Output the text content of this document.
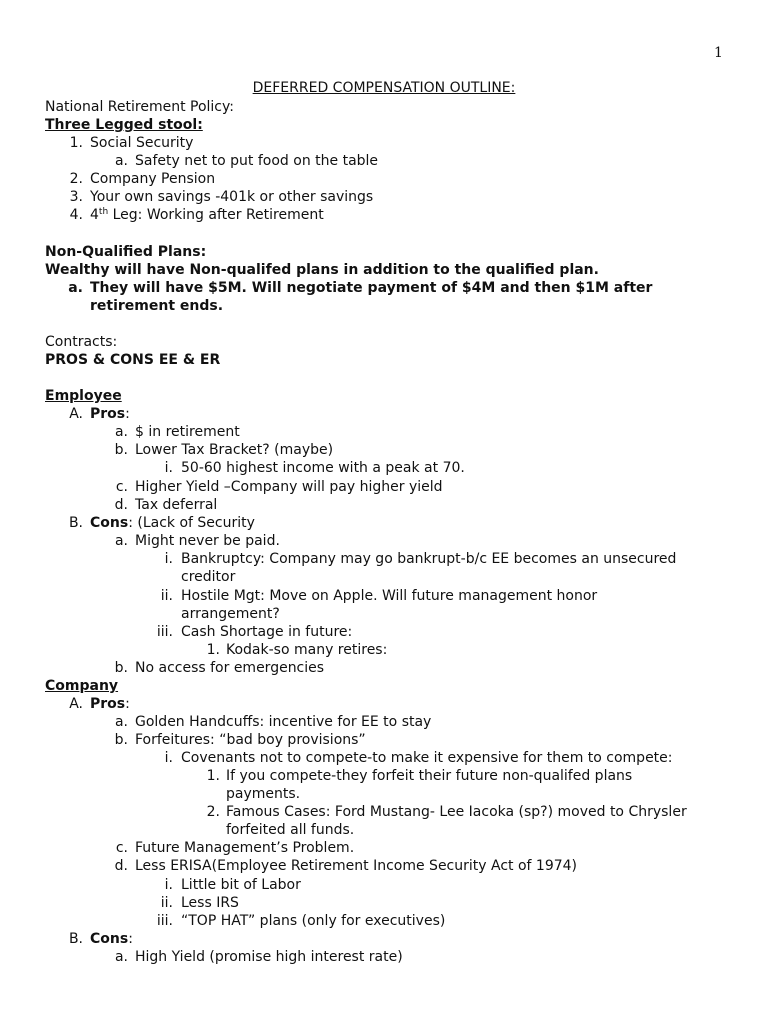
1
DEFERRED COMPENSATION OUTLINE:
National Retirement Policy:
Three Legged stool:
1. Social Security
a. Safety net to put food on the table
2. Company Pension
3. Your own savings -401k or other savings
4. 4th Leg: Working after Retirement
Non-Qualified Plans:
Wealthy will have Non-qualifed plans in addition to the qualified plan.
a. They will have $5M. Will negotiate payment of $4M and then $1M after
retirement ends.
Contracts:
PROS & CONS EE & ER
Employee
A. Pros:
a. $ in retirement
b. Lower Tax Bracket? (maybe)
i. 50-60 highest income with a peak at 70.
c. Higher Yield –Company will pay higher yield
d. Tax deferral
B. Cons: (Lack of Security
a. Might never be paid.
i. Bankruptcy: Company may go bankrupt-b/c EE becomes an unsecured
creditor
ii. Hostile Mgt: Move on Apple. Will future management honor
arrangement?
iii. Cash Shortage in future:
1. Kodak-so many retires:
b. No access for emergencies
Company
A. Pros:
a. Golden Handcuffs: incentive for EE to stay
b. Forfeitures: “bad boy provisions”
i. Covenants not to compete-to make it expensive for them to compete:
1. If you compete-they forfeit their future non-qualifed plans
payments.
2. Famous Cases: Ford Mustang- Lee Iacoka (sp?) moved to Chrysler
forfeited all funds.
c. Future Management’s Problem.
d. Less ERISA(Employee Retirement Income Security Act of 1974)
i. Little bit of Labor
ii. Less IRS
iii. “TOP HAT” plans (only for executives)
B. Cons:
a. High Yield (promise high interest rate)
